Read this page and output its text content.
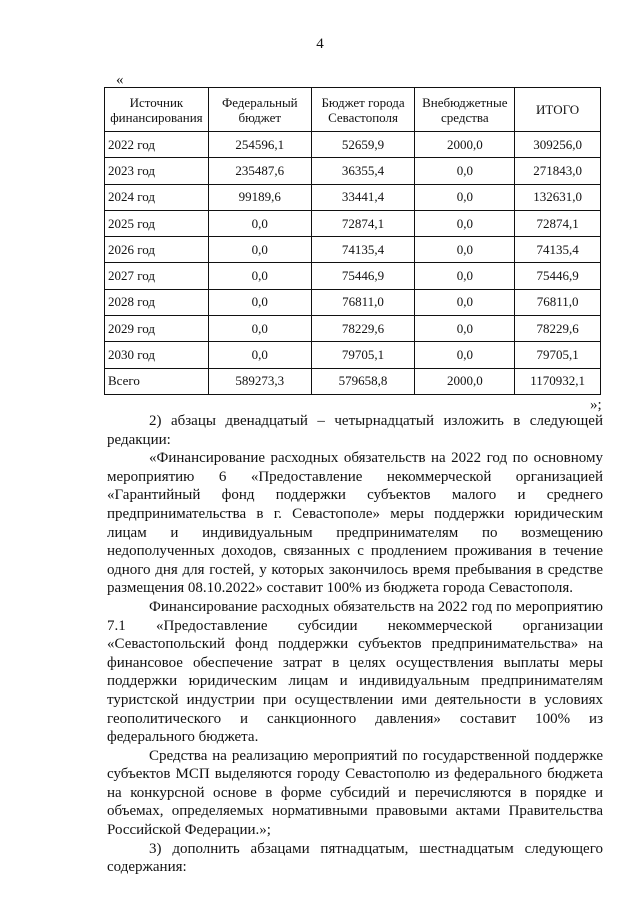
4
«
Источник финансирования	Федеральный бюджет	Бюджет города Севастополя	Внебюджетные средства	ИТОГО
2022 год	254596,1	52659,9	2000,0	309256,0
2023 год	235487,6	36355,4	0,0	271843,0
2024 год	99189,6	33441,4	0,0	132631,0
2025 год	0,0	72874,1	0,0	72874,1
2026 год	0,0	74135,4	0,0	74135,4
2027 год	0,0	75446,9	0,0	75446,9
2028 год	0,0	76811,0	0,0	76811,0
2029 год	0,0	78229,6	0,0	78229,6
2030 год	0,0	79705,1	0,0	79705,1
Всего	589273,3	579658,8	2000,0	1170932,1
»;

2) абзацы двенадцатый – четырнадцатый изложить в следующей редакции:

«Финансирование расходных обязательств на 2022 год по основному мероприятию 6 «Предоставление некоммерческой организацией «Гарантийный фонд поддержки субъектов малого и среднего предпринимательства в г. Севастополе» меры поддержки юридическим лицам и индивидуальным предпринимателям по возмещению недополученных доходов, связанных с продлением проживания в течение одного дня для гостей, у которых закончилось время пребывания в средстве размещения 08.10.2022» составит 100% из бюджета города Севастополя.

Финансирование расходных обязательств на 2022 год по мероприятию 7.1 «Предоставление субсидии некоммерческой организации «Севастопольский фонд поддержки субъектов предпринимательства» на финансовое обеспечение затрат в целях осуществления выплаты меры поддержки юридическим лицам и индивидуальным предпринимателям туристской индустрии при осуществлении ими деятельности в условиях геополитического и санкционного давления» составит 100% из федерального бюджета.

Средства на реализацию мероприятий по государственной поддержке субъектов МСП выделяются городу Севастополю из федерального бюджета на конкурсной основе в форме субсидий и перечисляются в порядке и объемах, определяемых нормативными правовыми актами Правительства Российской Федерации.»;

3) дополнить абзацами пятнадцатым, шестнадцатым следующего содержания:
